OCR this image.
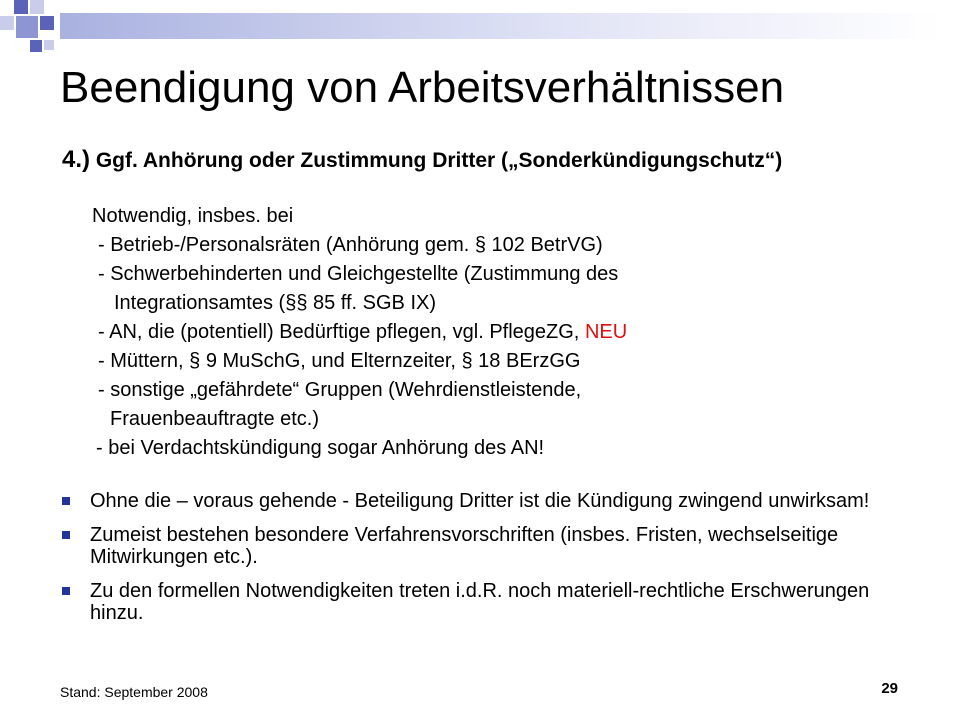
Beendigung von Arbeitsverhältnissen

4.) Ggf. Anhörung oder Zustimmung Dritter („Sonderkündigungschutz“)

Notwendig, insbes. bei
- Betrieb-/Personalsräten (Anhörung gem. § 102 BetrVG)
- Schwerbehinderten und Gleichgestellte (Zustimmung des
Integrationsamtes (§§ 85 ff. SGB IX)
- AN, die (potentiell) Bedürftige pflegen, vgl. PflegeZG, NEU
- Müttern, § 9 MuSchG, und Elternzeiter, § 18 BErzGG
- sonstige „gefährdete“ Gruppen (Wehrdienstleistende,
Frauenbeauftragte etc.)
- bei Verdachtskündigung sogar Anhörung des AN!
Ohne die – voraus gehende - Beteiligung Dritter ist die Kündigung zwingend unwirksam!
Zumeist bestehen besondere Verfahrensvorschriften (insbes. Fristen, wechselseitige Mitwirkungen etc.).
Zu den formellen Notwendigkeiten treten i.d.R. noch materiell-rechtliche Erschwerungen hinzu.
Stand: September 2008	29
